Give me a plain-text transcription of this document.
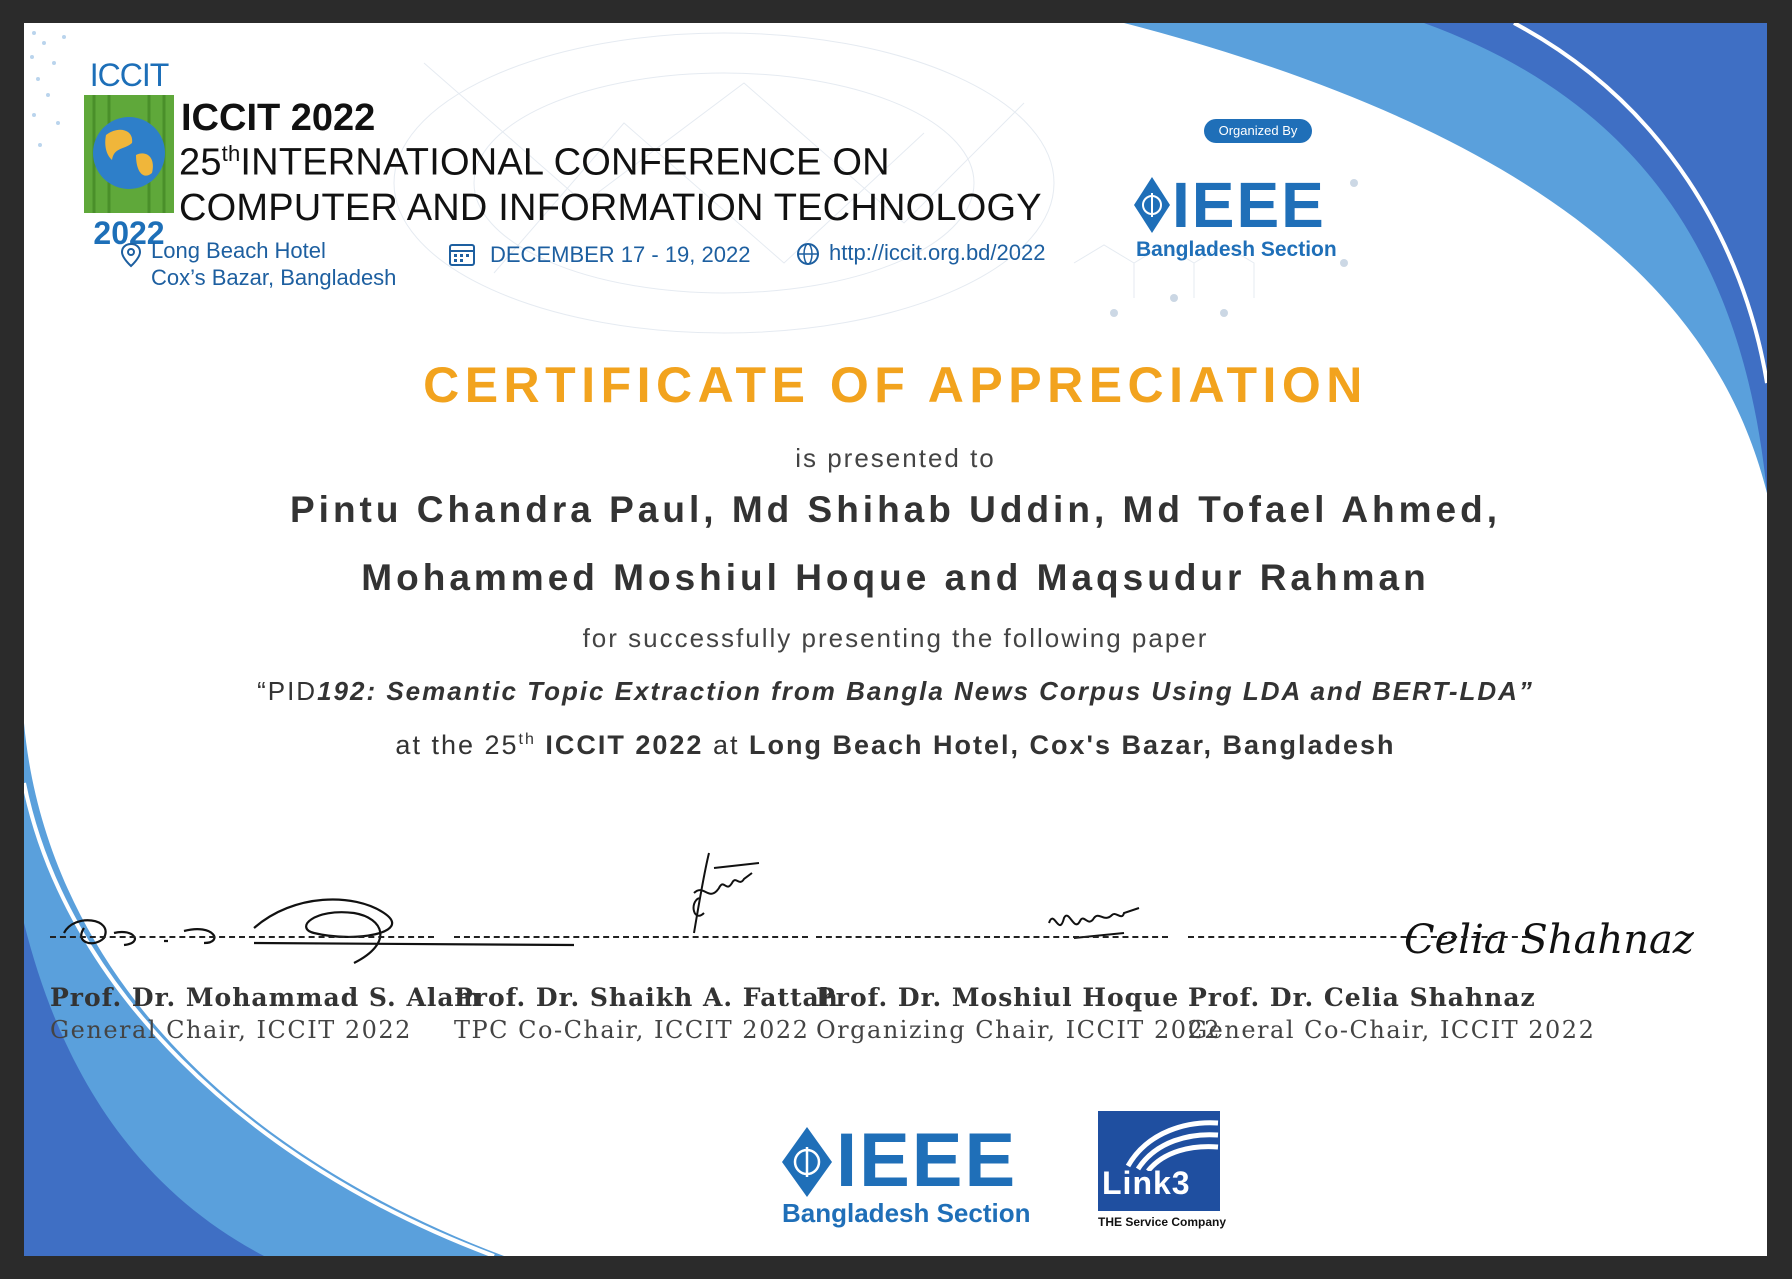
ICCIT
2022
ICCIT 2022
25thINTERNATIONAL CONFERENCE ON
COMPUTER AND INFORMATION TECHNOLOGY
Long Beach Hotel
Cox’s Bazar, Bangladesh
DECEMBER 17 - 19, 2022	http://iccit.org.bd/2022
Organized By
IEEE
Bangladesh Section
CERTIFICATE OF APPRECIATION
is presented to
Pintu Chandra Paul, Md Shihab Uddin, Md Tofael Ahmed,
Mohammed Moshiul Hoque and Maqsudur Rahman
for successfully presenting the following paper
“PID192: Semantic Topic Extraction from Bangla News Corpus Using LDA and BERT-LDA”
at the 25th ICCIT 2022 at Long Beach Hotel, Cox's Bazar, Bangladesh
Celia Shahnaz
Prof. Dr. Mohammad S. Alam
General Chair, ICCIT 2022
Prof. Dr. Shaikh A. Fattah
TPC Co-Chair, ICCIT 2022
Prof. Dr. Moshiul Hoque
Organizing Chair, ICCIT 2022
Prof. Dr. Celia Shahnaz
General Co-Chair, ICCIT 2022
IEEE
Bangladesh Section
Link3
THE Service Company
